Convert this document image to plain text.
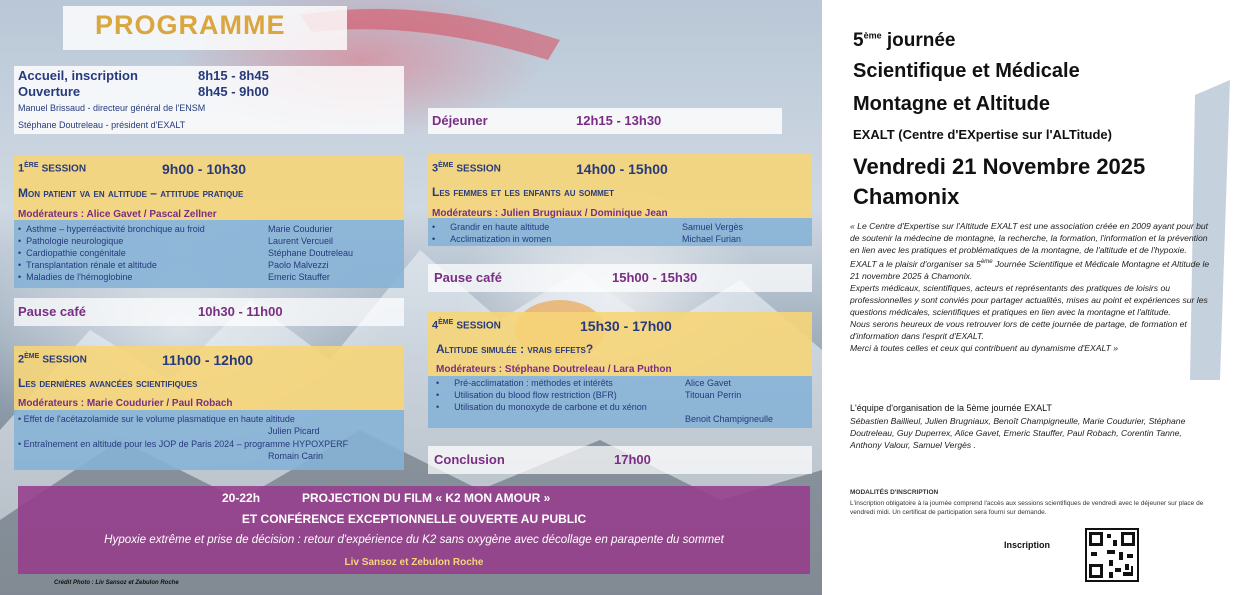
PROGRAMME
Accueil, inscription	8h15 - 8h45
Ouverture	8h45 - 9h00
Manuel Brissaud - directeur général de l'ENSM
Stéphane Doutreleau - président d'EXALT
1ÈRE SESSION	9h00 - 10h30
Mon patient va en altitude – attitude pratique
Modérateurs : Alice Gavet / Pascal Zellner
•  Asthme – hyperréactivité bronchique au froid	Marie Coudurier
•  Pathologie neurologique	Laurent Vercueil
•  Cardiopathie congénitale	Stéphane Doutreleau
•  Transplantation rénale et altitude	Paolo Malvezzi
•  Maladies de l'hémoglobine	Emeric Stauffer
Pause café	10h30 - 11h00
2ÈME SESSION	11h00 - 12h00
Les dernières avancées scientifiques
Modérateurs : Marie Coudurier / Paul Robach
• Effet de l'acétazolamide sur le volume plasmatique en haute altitude
Julien Picard
• Entraînement en altitude pour les JOP de Paris 2024 – programme HYPOXPERF
Romain Carin
Déjeuner	12h15 - 13h30
3ÈME SESSION	14h00 - 15h00
Les femmes et les enfants au sommet
Modérateurs : Julien Brugniaux / Dominique Jean
•      Grandir en haute altitude	Samuel Vergès
•      Acclimatization in women	Michael Furian
Pause café	15h00 - 15h30
4ÈME SESSION	15h30 - 17h00
Altitude simulée : vrais effets?
Modérateurs : Stéphane Doutreleau / Lara Puthon
•      Pré-acclimatation : méthodes et intérêts	Alice Gavet
•      Utilisation du blood flow restriction (BFR)	Titouan Perrin
•      Utilisation du monoxyde de carbone et du xénon
Benoit Champigneulle
Conclusion	17h00
20-22h	PROJECTION DU FILM « K2 MON AMOUR »
ET CONFÉRENCE EXCEPTIONNELLE OUVERTE AU PUBLIC
Hypoxie extrême et prise de décision : retour d'expérience du K2 sans oxygène avec décollage en parapente du sommet
Liv Sansoz et Zebulon Roche
Crédit Photo : Liv Sansoz et Zebulon Roche
5ème journée
Scientifique et Médicale
Montagne et Altitude
EXALT (Centre d'EXpertise sur l'ALTitude)
Vendredi 21 Novembre 2025
Chamonix

« Le Centre d'Expertise sur l'Altitude EXALT est une association créée en 2009 ayant pour but de soutenir la médecine de montagne, la recherche, la formation, l'information et la prévention en lien avec les pratiques et problématiques de la montagne, de l'altitude et de l'hypoxie.

EXALT a le plaisir d'organiser sa 5ème Journée Scientifique et Médicale Montagne et Altitude le 21 novembre 2025 à Chamonix.

Experts médicaux, scientifiques, acteurs et représentants des pratiques de loisirs ou professionnelles y sont conviés pour partager actualités, mises au point et expériences sur les questions médicales, scientifiques et pratiques en lien avec la montagne et l'altitude.

Nous serons heureux de vous retrouver lors de cette journée de partage, de formation et d'information dans l'esprit d'EXALT.

Merci à toutes celles et ceux qui contribuent au dynamisme d'EXALT »

L'équipe d'organisation de la 5ème journée EXALT
Sébastien Baillieul, Julien Brugniaux, Benoît Champigneulle, Marie Coudurier, Stéphane Doutreleau, Guy Duperrex, Alice Gavet, Emeric Stauffer, Paul Robach, Corentin Tanne, Anthony Valour, Samuel Vergès .
MODALITÉS D'INSCRIPTION
L'inscription obligatoire à la journée comprend l'accès aux sessions scientifiques de vendredi avec le déjeuner sur place de vendredi midi. Un certificat de participation sera fourni sur demande.
Inscription
